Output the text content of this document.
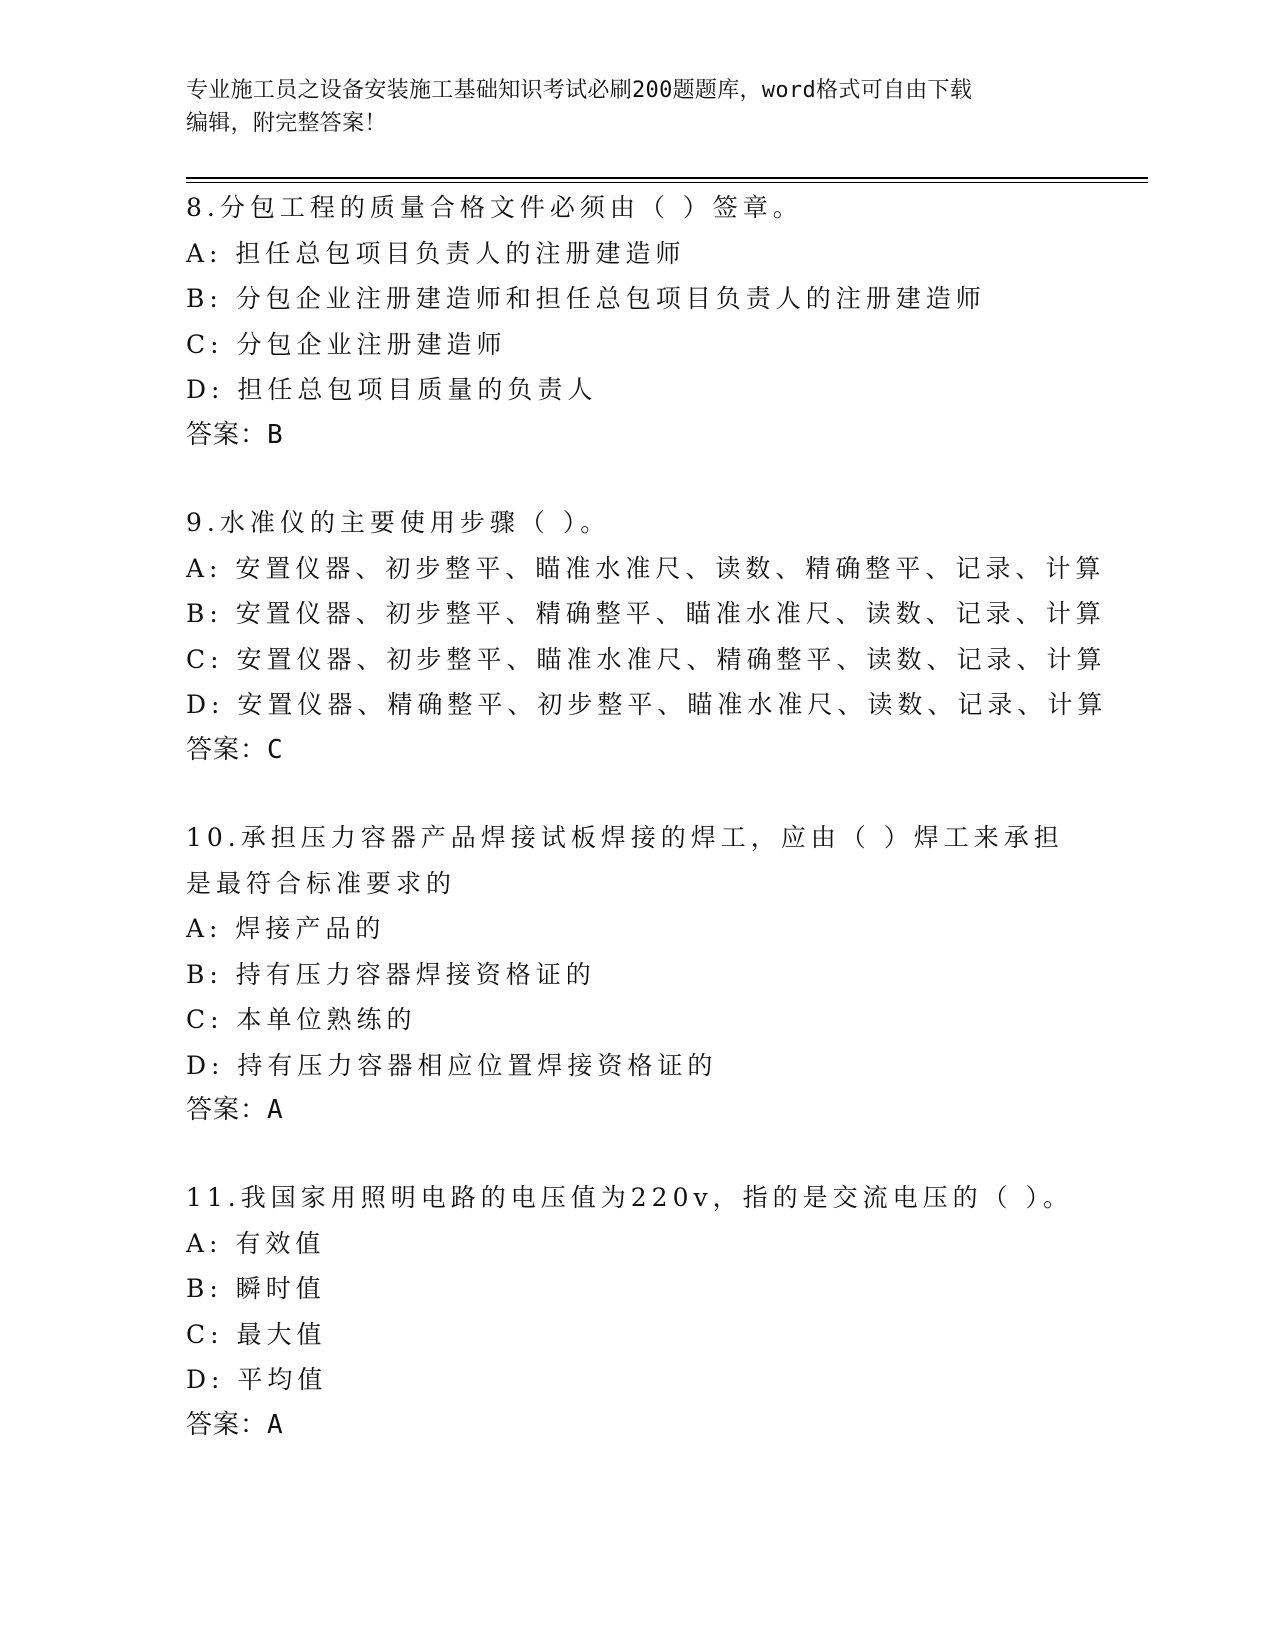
专业施工员之设备安装施工基础知识考试必刷200题题库，word格式可自由下载
编辑，附完整答案！
8.分包工程的质量合格文件必须由（ ）签章。
A: 担任总包项目负责人的注册建造师
B: 分包企业注册建造师和担任总包项目负责人的注册建造师
C: 分包企业注册建造师
D: 担任总包项目质量的负责人
答案：B
9.水准仪的主要使用步骤（ ）。
A: 安置仪器、初步整平、瞄准水准尺、读数、精确整平、记录、计算
B: 安置仪器、初步整平、精确整平、瞄准水准尺、读数、记录、计算
C: 安置仪器、初步整平、瞄准水准尺、精确整平、读数、记录、计算
D: 安置仪器、精确整平、初步整平、瞄准水准尺、读数、记录、计算
答案：C
10.承担压力容器产品焊接试板焊接的焊工，应由（ ）焊工来承担是最符合标准要求的
A: 焊接产品的
B: 持有压力容器焊接资格证的
C: 本单位熟练的
D: 持有压力容器相应位置焊接资格证的
答案：A
11.我国家用照明电路的电压值为220v，指的是交流电压的（ ）。
A: 有效值
B: 瞬时值
C: 最大值
D: 平均值
答案：A
